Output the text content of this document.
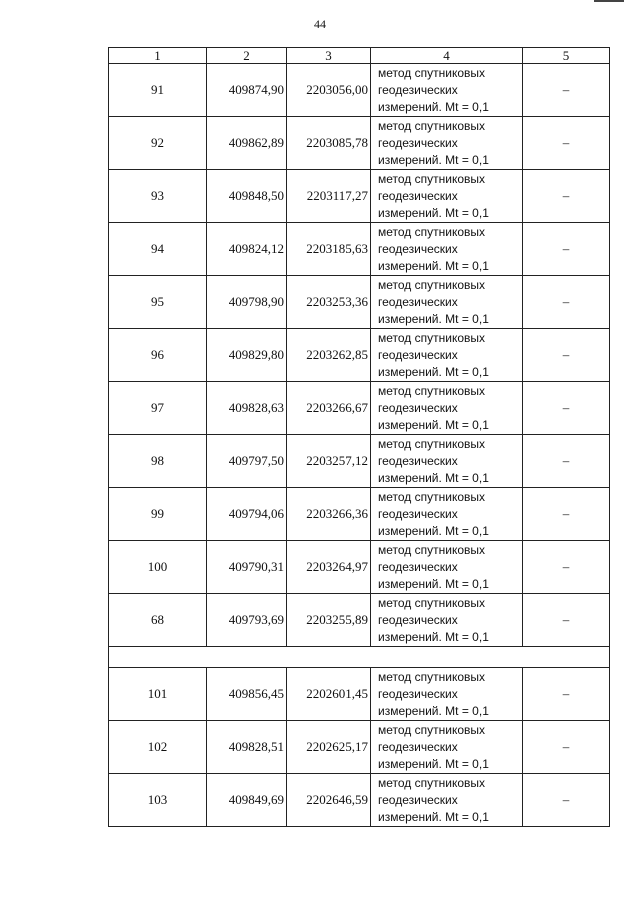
44
1	2	3	4	5
91	409874,90	2203056,00	метод спутниковых
геодезических
измерений. Mt = 0,1	–
92	409862,89	2203085,78	метод спутниковых
геодезических
измерений. Mt = 0,1	–
93	409848,50	2203117,27	метод спутниковых
геодезических
измерений. Mt = 0,1	–
94	409824,12	2203185,63	метод спутниковых
геодезических
измерений. Mt = 0,1	–
95	409798,90	2203253,36	метод спутниковых
геодезических
измерений. Mt = 0,1	–
96	409829,80	2203262,85	метод спутниковых
геодезических
измерений. Mt = 0,1	–
97	409828,63	2203266,67	метод спутниковых
геодезических
измерений. Mt = 0,1	–
98	409797,50	2203257,12	метод спутниковых
геодезических
измерений. Mt = 0,1	–
99	409794,06	2203266,36	метод спутниковых
геодезических
измерений. Mt = 0,1	–
100	409790,31	2203264,97	метод спутниковых
геодезических
измерений. Mt = 0,1	–
68	409793,69	2203255,89	метод спутниковых
геодезических
измерений. Mt = 0,1	–

101	409856,45	2202601,45	метод спутниковых
геодезических
измерений. Mt = 0,1	–
102	409828,51	2202625,17	метод спутниковых
геодезических
измерений. Mt = 0,1	–
103	409849,69	2202646,59	метод спутниковых
геодезических
измерений. Mt = 0,1	–
